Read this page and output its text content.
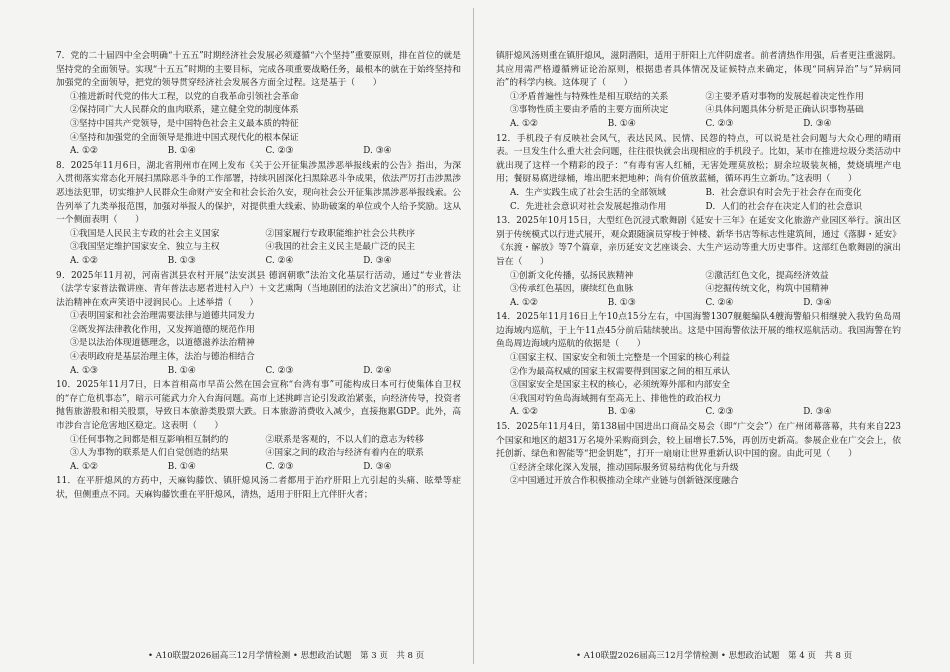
7．党的二十届四中全会明确“十五五”时期经济社会发展必须遵循“六个坚持”重要原则，排在首位的就是坚持党的全面领导。实现“十五五”时期的主要目标，完成各项重要战略任务，最根本的就在于始终坚持和加强党的全面领导，把党的领导贯穿经济社会发展各方面全过程。这是基于（　　）

①推进新时代党的伟大工程，以党的自我革命引领社会革命

②保持同广大人民群众的血肉联系，建立健全党的制度体系

③坚持中国共产党领导，是中国特色社会主义最本质的特征

④坚持和加强党的全面领导是推进中国式现代化的根本保证

A. ①②	B. ①④	C. ②③	D. ③④

8．2025年11月6日，湖北省荆州市在网上发布《关于公开征集涉黑涉恶举报线索的公告》指出，为深入贯彻落实常态化开展扫黑除恶斗争的工作部署，持续巩固深化扫黑除恶斗争成果，依法严厉打击涉黑涉恶违法犯罪，切实维护人民群众生命财产安全和社会长治久安，现向社会公开征集涉黑涉恶举报线索。公告列举了九类举报范围，加强对举报人的保护，对提供重大线索、协助破案的单位或个人给予奖励。这从一个侧面表明（　　）

①我国是人民民主专政的社会主义国家	②国家履行专政职能维护社会公共秩序
③我国坚定维护国家安全、独立与主权	④我国的社会主义民主是最广泛的民主
A. ①②	B. ①③	C. ②④	D. ③④

9．2025年11月初，河南省淇县农村开展“法安淇县 德润朝歌”法治文化基层行活动，通过“专业普法（法学专家普法微讲座、青年普法志愿者进村入户）＋文艺熏陶（当地剧团的法治文艺演出）”的形式，让法治精神在欢声笑语中浸润民心。上述举措（　　）

①表明国家和社会治理需要法律与道德共同发力

②既发挥法律教化作用，又发挥道德的规范作用

③是以法治体现道德理念，以道德滋养法治精神

④表明政府是基层治理主体，法治与德治相结合

A. ①③	B. ①④	C. ②③	D. ②④

10．2025年11月7日，日本首相高市早苗公然在国会宣称“台湾有事”可能构成日本可行使集体自卫权的“存亡危机事态”，暗示可能武力介入台海问题。高市上述挑衅言论引发政治紧张，向经济传导，投资者抛售旅游股和相关股票，导致日本旅游类股票大跌。日本旅游消费收入减少，直接拖累GDP。此外，高市涉台言论危害地区稳定。这表明（　　）

①任何事物之间都是相互影响相互制约的	②联系是客观的，不以人们的意志为转移
③人为事物的联系是人们自觉创造的结果	④国家之间的政治与经济有着内在的联系
A. ①②	B. ①④	C. ②③	D. ③④

11．在平肝熄风的方药中，天麻钩藤饮、镇肝熄风汤二者都用于治疗肝阳上亢引起的头痛、眩晕等症状，但侧重点不同。天麻钩藤饮重在平肝熄风，清热，适用于肝阳上亢伴肝火者；

镇肝熄风汤则重在镇肝熄风，滋阴潜阳，适用于肝阳上亢伴阴虚者。前者清热作用强，后者更注重滋阴。其应用需严格遵循辨证论治原则，根据患者具体情况及证候特点来确定，体现“同病异治”与“异病同治”的科学内核。这体现了（　　）

①矛盾普遍性与特殊性是相互联结的关系	②主要矛盾对事物的发展起着决定性作用
③事物性质主要由矛盾的主要方面所决定	④具体问题具体分析是正确认识事物基础
A. ①②	B. ①④	C. ②③	D. ③④

12．手机段子有反映社会风气，表达民风、民情、民怨的特点，可以说是社会问题与大众心理的晴雨表。一旦发生什么重大社会问题，往往很快就会出现相应的手机段子。比如，某市在推进垃圾分类活动中就出现了这样一个精彩的段子：“有毒有害人红桶，无害处理莫放松；厨余垃圾装灰桶，焚烧填埋产电用；餐厨易腐进绿桶，堆出肥来把地种；尚有价值放蓝桶，循环再生立新功。”这表明（　　）

A．生产实践生成了社会生活的全部领域	B．社会意识有时会先于社会存在而变化
C．先进社会意识对社会发展起推动作用	D．人们的社会存在决定人们的社会意识

13．2025年10月15日，大型红色沉浸式歌舞剧《延安十三年》在延安文化旅游产业园区举行。演出区别于传统模式以行进式展开，观众跟随演员穿梭于钟楼、新华书店等标志性建筑间，通过《落脚・延安》《东渡・解放》等7个篇章，亲历延安文艺座谈会、大生产运动等重大历史事件。这部红色歌舞剧的演出旨在（　　）

①创新文化传播，弘扬民族精神	②激活红色文化，提高经济效益
③传承红色基因，赓续红色血脉	④挖掘传统文化，构筑中国精神
A. ①②	B. ①③	C. ②④	D. ③④

14．2025年11月16日上午10点15分左右，中国海警1307舰艇编队4艘海警船只相继驶入我钓鱼岛周边海域内巡航，于上午11点45分前后陆续驶出。这是中国海警依法开展的维权巡航活动。我国海警在钓鱼岛周边海域内巡航的依据是（　　）

①国家主权、国家安全和领土完整是一个国家的核心利益

②作为最高权威的国家主权需要得到国家之间的相互承认

③国家安全是国家主权的核心，必须统筹外部和内部安全

④我国对钓鱼岛海域拥有至高无上、排他性的政治权力

A. ①②	B. ①④	C. ②③	D. ③④

15．2025年11月4日，第138届中国进出口商品交易会（即“广交会”）在广州闭幕落幕，共有来自223个国家和地区的超31万名境外采购商到会，较上届增长7.5%，再创历史新高。参展企业在广交会上，依托创新、绿色和智能等“把金钥匙”，打开一扇扇让世界重新认识中国的窗。由此可见（　　）

①经济全球化深入发展，推动国际服务贸易结构优化与升级

②中国通过开放合作积极推动全球产业链与创新链深度融合

• A10联盟2026届高三12月学情检测 • 思想政治试题　第 3 页　共 8 页	• A10联盟2026届高三12月学情检测 • 思想政治试题　第 4 页　共 8 页
